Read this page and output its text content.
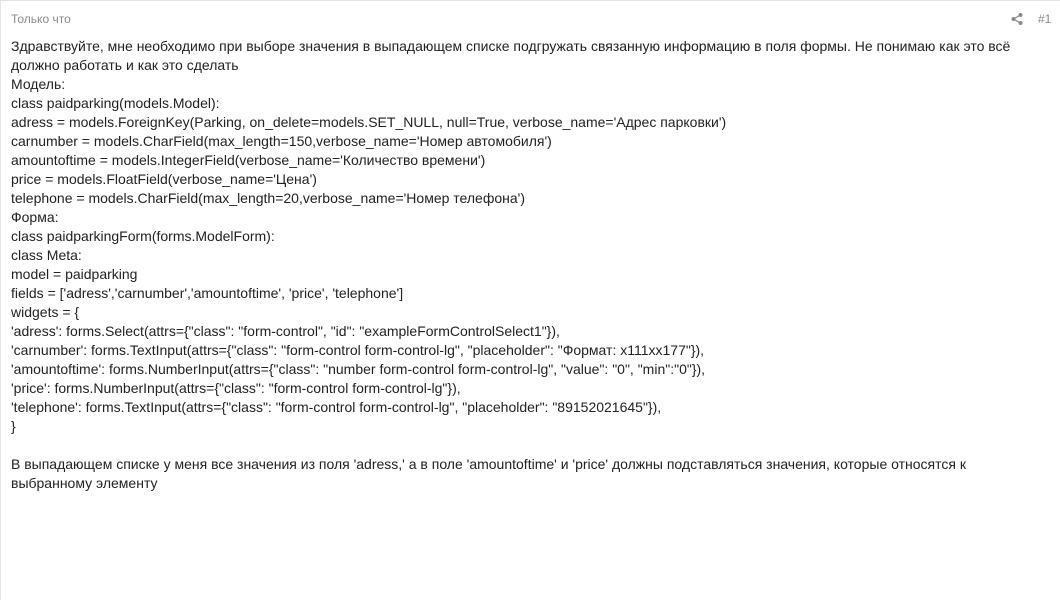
Только что	#1
Здравствуйте, мне необходимо при выборе значения в выпадающем списке подгружать связанную информацию в поля формы. Не понимаю как это всё должно работать и как это сделать
Модель:
class paidparking(models.Model):
adress = models.ForeignKey(Parking, on_delete=models.SET_NULL, null=True, verbose_name='Адрес парковки')
carnumber = models.CharField(max_length=150,verbose_name='Номер автомобиля')
amountoftime = models.IntegerField(verbose_name='Количество времени')
price = models.FloatField(verbose_name='Цена')
telephone = models.CharField(max_length=20,verbose_name='Номер телефона')
Форма:
class paidparkingForm(forms.ModelForm):
class Meta:
model = paidparking
fields = ['adress','carnumber','amountoftime', 'price', 'telephone']
widgets = {
'adress': forms.Select(attrs={"class": "form-control", "id": "exampleFormControlSelect1"}),
'carnumber': forms.TextInput(attrs={"class": "form-control form-control-lg", "placeholder": "Формат: x111xx177"}),
'amountoftime': forms.NumberInput(attrs={"class": "number form-control form-control-lg", "value": "0", "min":"0"}),
'price': forms.NumberInput(attrs={"class": "form-control form-control-lg"}),
'telephone': forms.TextInput(attrs={"class": "form-control form-control-lg", "placeholder": "89152021645"}),
}
В выпадающем списке у меня все значения из поля 'adress,' а в поле 'amountoftime' и 'price' должны подставляться значения, которые относятся к выбранному элементу
